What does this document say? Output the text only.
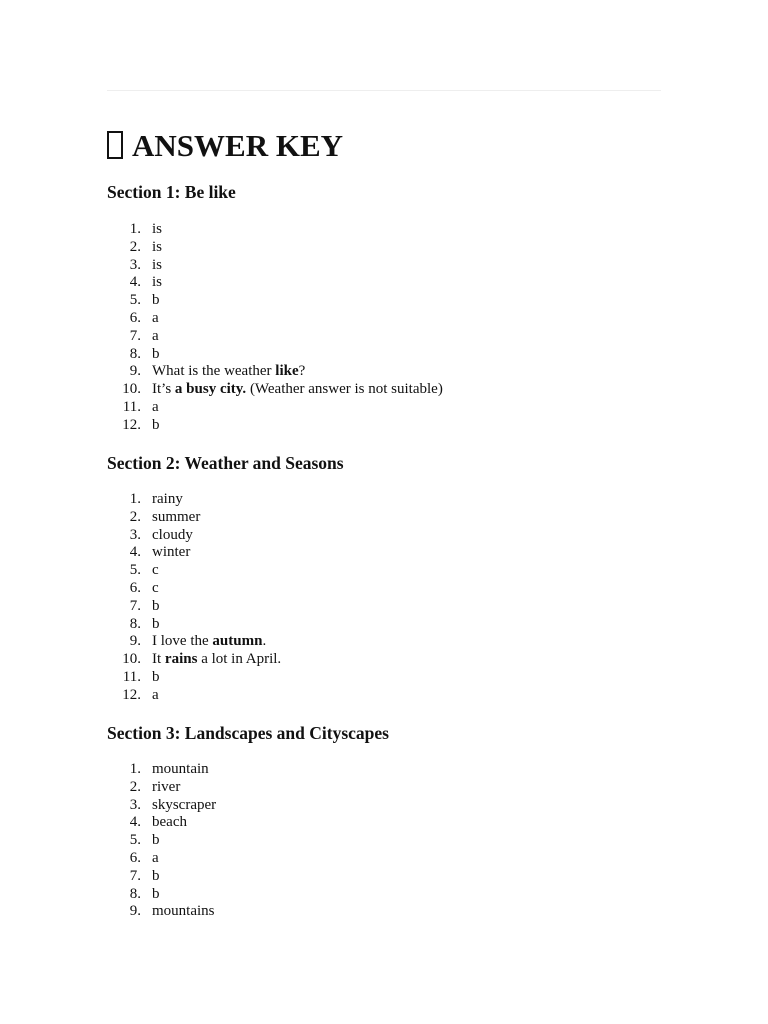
ANSWER KEY
Section 1: Be like
1. is
2. is
3. is
4. is
5. b
6. a
7. a
8. b
9. What is the weather like?
10. It’s a busy city. (Weather answer is not suitable)
11. a
12. b
Section 2: Weather and Seasons
1. rainy
2. summer
3. cloudy
4. winter
5. c
6. c
7. b
8. b
9. I love the autumn.
10. It rains a lot in April.
11. b
12. a
Section 3: Landscapes and Cityscapes
1. mountain
2. river
3. skyscraper
4. beach
5. b
6. a
7. b
8. b
9. mountains
